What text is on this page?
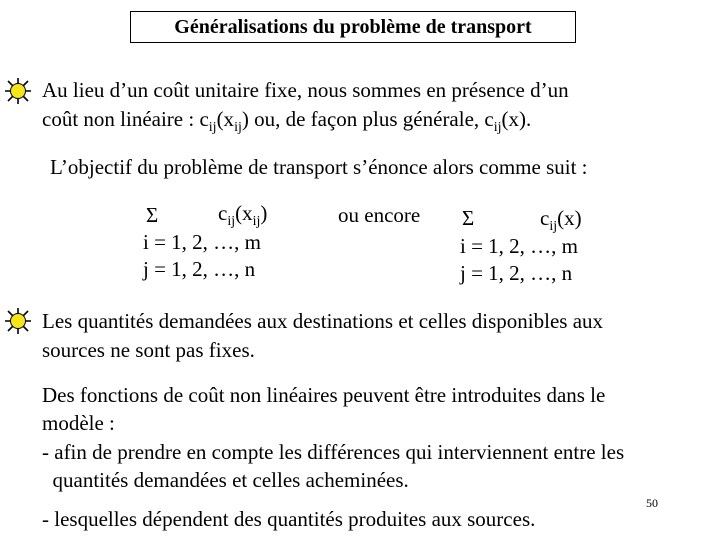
Généralisations du problème de transport
Au lieu d’un coût unitaire fixe, nous sommes en présence d’un
coût non linéaire : $c_{ij}(x_{ij})$ ou, de façon plus générale, $c_{ij}(x)$.
L’objectif du problème de transport s’énonce alors comme suit :
Σ	$c_{ij}(x_{ij})$
i = 1, 2, …, m
j = 1, 2, …, n
ou encore Σ	$c_{ij}(x)$
i = 1, 2, …, m
j = 1, 2, …, n
Les quantités demandées aux destinations et celles disponibles aux
sources ne sont pas fixes.
Des fonctions de coût non linéaires peuvent être introduites dans le
modèle :
- afin de prendre en compte les différences qui interviennent entre les
quantités demandées et celles acheminées.
- lesquelles dépendent des quantités produites aux sources.
50
